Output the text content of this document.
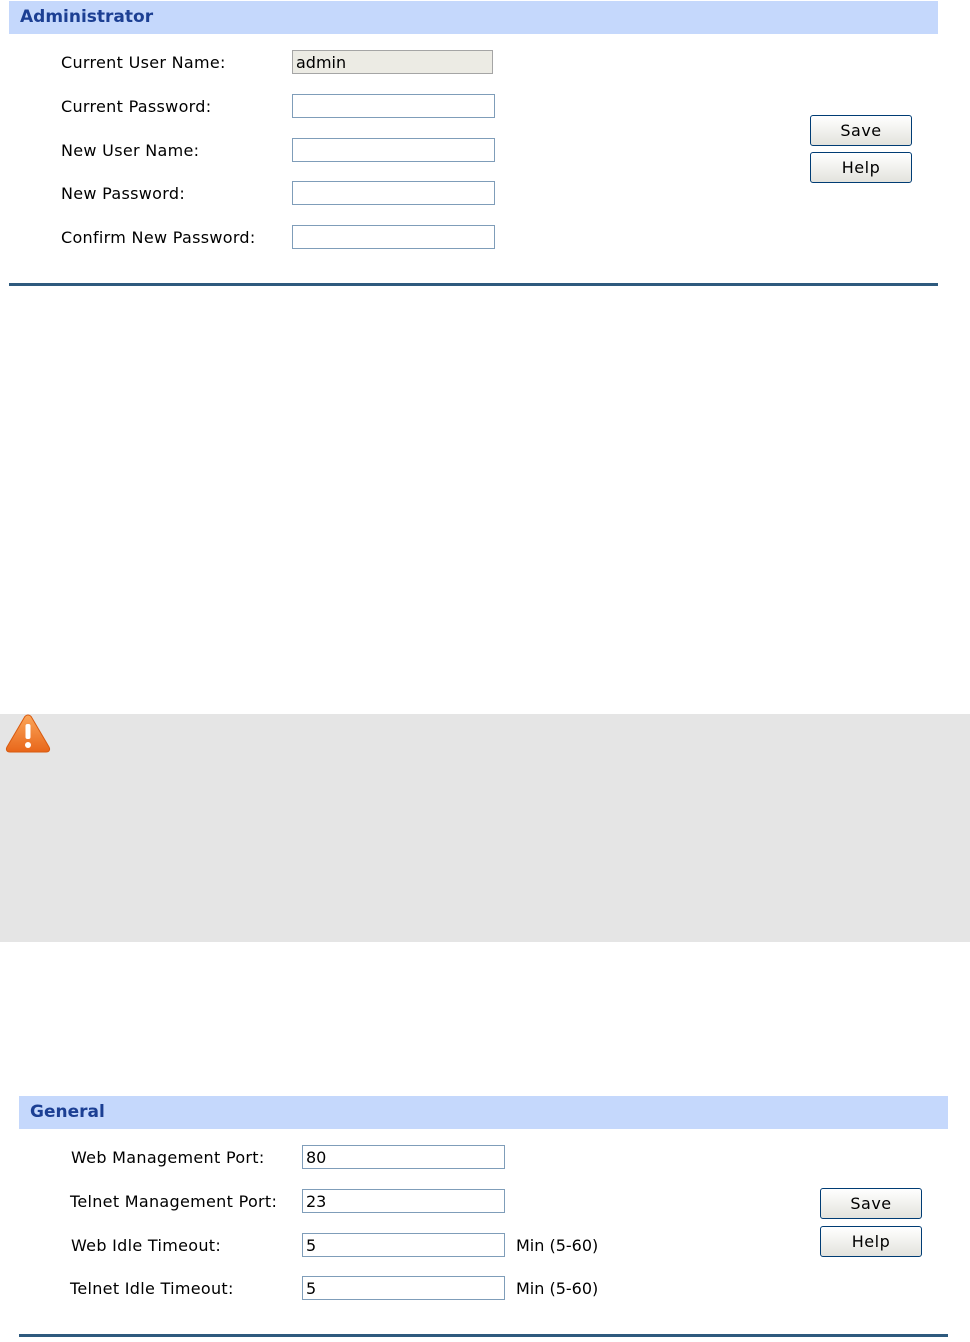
Administrator
Current User Name:
admin
Current Password:
New User Name:
New Password:
Confirm New Password:
Save
Help
General
Web Management Port:
80
Telnet Management Port:
23
Web Idle Timeout:
5	Min (5-60)
Telnet Idle Timeout:
5	Min (5-60)
Save
Help
